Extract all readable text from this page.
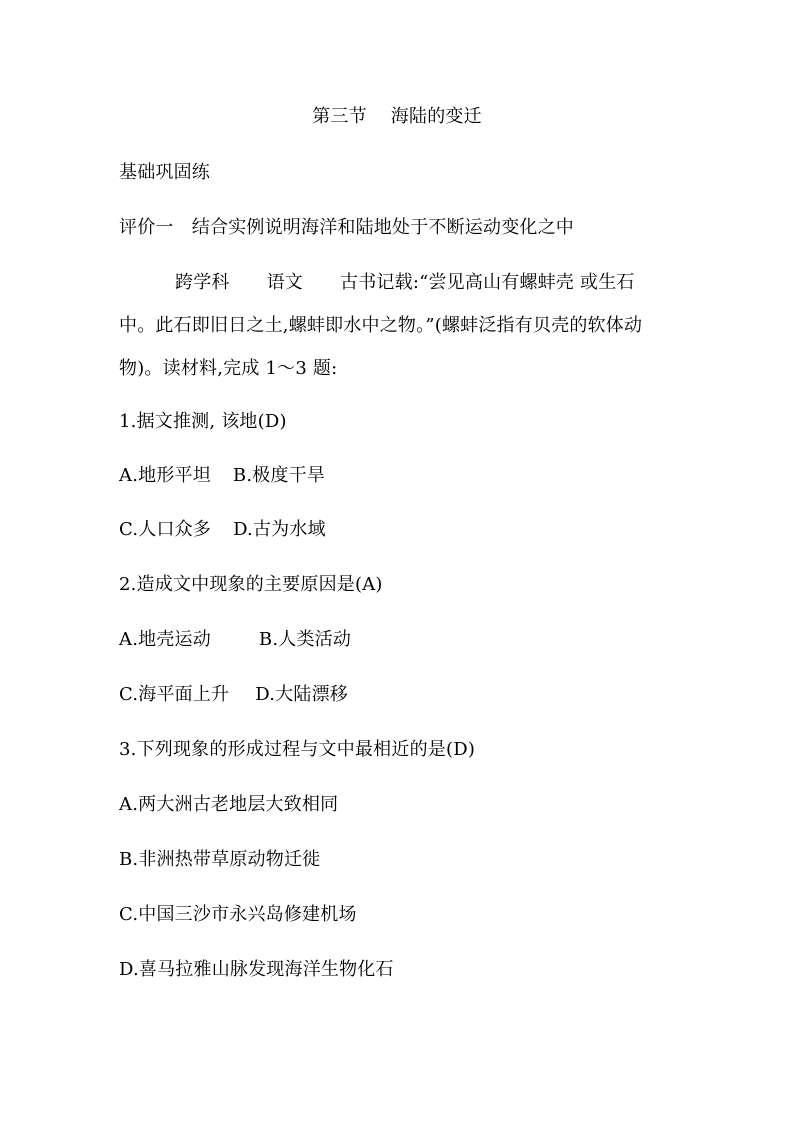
第三节 海陆的变迁
基础巩固练
评价一　结合实例说明海洋和陆地处于不断运动变化之中
跨学科 语文 古书记载:“尝见高山有螺蚌壳 或生石
中。此石即旧日之土,螺蚌即水中之物。”(螺蚌泛指有贝壳的软体动
物)。读材料,完成 1～3 题:
1.据文推测, 该地(D)
A.地形平坦 B.极度干旱
C.人口众多 D.古为水域
2.造成文中现象的主要原因是(A)
A.地壳运动	B.人类活动
C.海平面上升 D.大陆漂移
3.下列现象的形成过程与文中最相近的是(D)
A.两大洲古老地层大致相同
B.非洲热带草原动物迁徙
C.中国三沙市永兴岛修建机场
D.喜马拉雅山脉发现海洋生物化石
